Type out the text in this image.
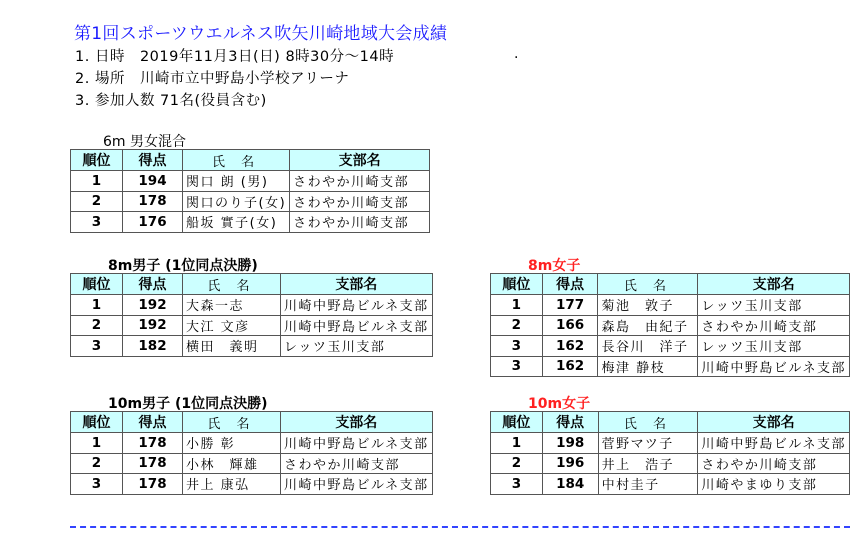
第1回スポーツウエルネス吹矢川崎地域大会成績
1. 日時　2019年11月3日(日) 8時30分～14時
2. 場所　川崎市立中野島小学校アリーナ
3. 参加人数 71名(役員含む)
.
6m 男女混合
8m男子 (1位同点決勝)	8m女子
10m男子 (1位同点決勝)	10m女子
順位	得点	氏 名	支部名
1	194	関口 朗 (男)	さわやか川崎支部
2	178	関口のり子(女)	さわやか川崎支部
3	176	船坂 實子(女)	さわやか川崎支部
順位	得点	氏 名	支部名
1	192	大森一志	川崎中野島ビルネ支部
2	192	大江 文彦	川崎中野島ビルネ支部
3	182	横田　義明	レッツ玉川支部
順位	得点	氏 名	支部名
1	177	菊池　敦子	レッツ玉川支部
2	166	森島　由紀子	さわやか川崎支部
3	162	長谷川　洋子	レッツ玉川支部
3	162	梅津 静枝	川崎中野島ビルネ支部
順位	得点	氏 名	支部名
1	178	小勝 彰	川崎中野島ビルネ支部
2	178	小林　輝雄	さわやか川崎支部
3	178	井上 康弘	川崎中野島ビルネ支部
順位	得点	氏 名	支部名
1	198	菅野マツ子	川崎中野島ビルネ支部
2	196	井上　浩子	さわやか川崎支部
3	184	中村圭子	川崎やまゆり支部
